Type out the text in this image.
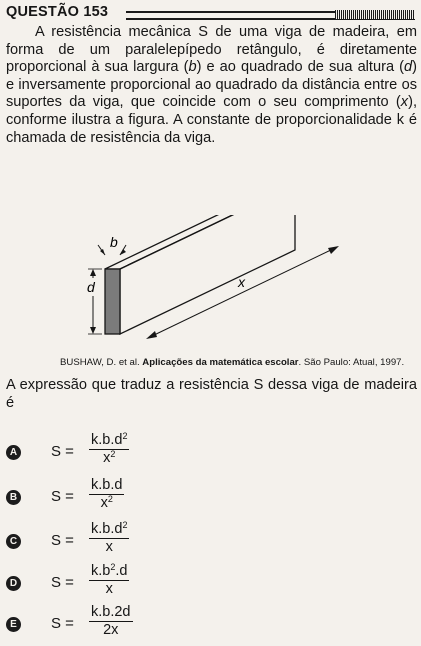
QUESTÃO 153

A resistência mecânica S de uma viga de madeira, em forma de um paralelepípedo retângulo, é diretamente proporcional à sua largura (b) e ao quadrado de sua altura (d) e inversamente proporcional ao quadrado da distância entre os suportes da viga, que coincide com o seu comprimento (x), conforme ilustra a figura. A constante de proporcionalidade k é chamada de resistência da viga.

b
d	x
BUSHAW, D. et al. Aplicações da matemática escolar. São Paulo: Atual, 1997.
A expressão que traduz a resistência S dessa viga de madeira é
A $S = \frac{k.b.d^2}{x^2}$
B $S = \frac{k.b.d}{x^2}$
C $S = \frac{k.b.d^2}{x}$
D $S = \frac{k.b^2.d}{x}$
E $S = \frac{k.b.2d}{2x}$
